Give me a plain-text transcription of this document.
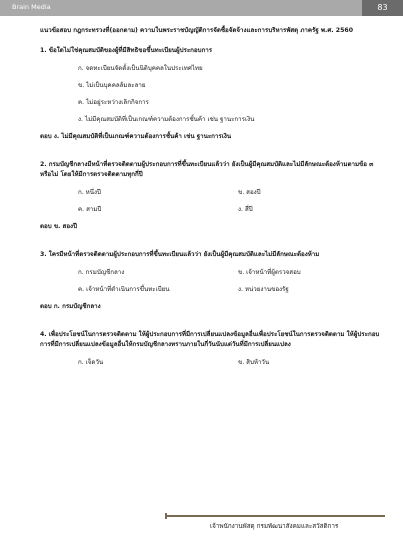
Brain Media	83
แนวข้อสอบ กฎกระทรวงที่(ออกตาม) ความในพระราชบัญญัติการจัดซื้อจัดจ้างและการบริหารพัสดุ ภาครัฐ พ.ศ. 2560
1. ข้อใดไม่ใช่คุณสมบัติของผู้ที่มีสิทธิขอขึ้นทะเบียนผู้ประกอบการ
ก. จดทะเบียนจัดตั้งเป็นนิติบุคคลในประเทศไทย
ข. ไม่เป็นบุคคลล้มละลาย
ค. ไม่อยู่ระหว่างเลิกกิจการ
ง. ไม่มีคุณสมบัติที่เป็นเกณฑ์ความต้องการชั้นค้า เช่น ฐานะการเงิน
ตอบ ง. ไม่มีคุณสมบัติที่เป็นเกณฑ์ความต้องการชั้นค้า เช่น ฐานะการเงิน
2. กรมบัญชีกลางมีหน้าที่ตรวจติดตามผู้ประกอบการที่ขึ้นทะเบียนแล้วว่า ยังเป็นผู้มีคุณสมบัติและไม่มีลักษณะต้องห้ามตามข้อ ๓ หรือไม่ โดยให้มีการตรวจติดตามทุกกี่ปี
ก. หนึ่งปี	ข. สองปี
ค. สามปี	ง. สี่ปี
ตอบ ข. สองปี
3. ใครมีหน้าที่ตรวจติดตามผู้ประกอบการที่ขึ้นทะเบียนแล้วว่า ยังเป็นผู้มีคุณสมบัติและไม่มีลักษณะต้องห้าม
ก. กรมบัญชีกลาง	ข. เจ้าหน้าที่ผู้ตรวจสอบ
ค. เจ้าหน้าที่ดำเนินการขึ้นทะเบียน	ง. หน่วยงานของรัฐ
ตอบ ก. กรมบัญชีกลาง
4. เพื่อประโยชน์ในการตรวจติดตาม ให้ผู้ประกอบการที่มีการเปลี่ยนแปลงข้อมูลอื่นเพื่อประโยชน์ในการตรวจติดตาม ให้ผู้ประกอบการที่มีการเปลี่ยนแปลงข้อมูลอื่นให้กรมบัญชีกลางทราบภายในกี่วันนับแต่วันที่มีการเปลี่ยนแปลง
ก. เจ็ดวัน	ข. สิบห้าวัน
เจ้าพนักงานพัสดุ กรมพัฒนาสังคมและสวัสดิการ
